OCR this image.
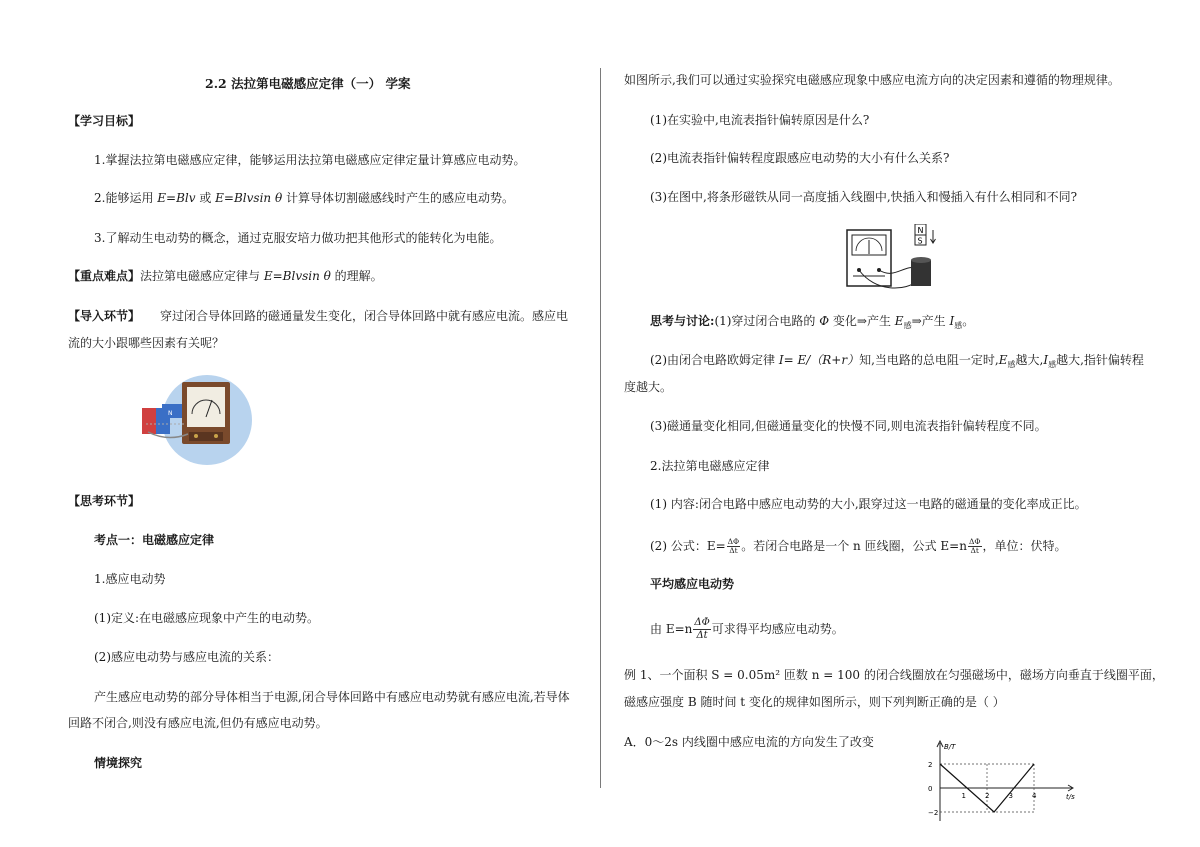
2.2 法拉第电磁感应定律（一） 学案
【学习目标】
1.掌握法拉第电磁感应定律，能够运用法拉第电磁感应定律定量计算感应电动势。
2.能够运用 E=Blv 或 E=Blvsin θ 计算导体切割磁感线时产生的感应电动势。
3.了解动生电动势的概念，通过克服安培力做功把其他形式的能转化为电能。
【重点难点】法拉第电磁感应定律与 E=Blvsin θ 的理解。
【导入环节】 穿过闭合导体回路的磁通量发生变化，闭合导体回路中就有感应电流。感应电
流的大小跟哪些因素有关呢？
N
【思考环节】
考点一：电磁感应定律
1.感应电动势
(1)定义:在电磁感应现象中产生的电动势。
(2)感应电动势与感应电流的关系：
产生感应电动势的部分导体相当于电源,闭合导体回路中有感应电动势就有感应电流,若导体
回路不闭合,则没有感应电流,但仍有感应电动势。
情境探究
如图所示,我们可以通过实验探究电磁感应现象中感应电流方向的决定因素和遵循的物理规律。
(1)在实验中,电流表指针偏转原因是什么?
(2)电流表指针偏转程度跟感应电动势的大小有什么关系?
(3)在图中,将条形磁铁从同一高度插入线圈中,快插入和慢插入有什么相同和不同?
N
S
思考与讨论:(1)穿过闭合电路的 Φ 变化⇒产生 $E_感\Rightarrow$产生 $I_感$。
(2)由闭合电路欧姆定律 I= E/（R+r）知,当电路的总电阻一定时$,E_感$越大$,I_感$越大,指针偏转程
度越大。
(3)磁通量变化相同,但磁通量变化的快慢不同,则电流表指针偏转程度不同。
2.法拉第电磁感应定律
(1) 内容:闭合电路中感应电动势的大小,跟穿过这一电路的磁通量的变化率成正比。
(2) 公式：$E= \frac{\Delta\Phi}{\Delta t}$ 。若闭合电路是一个 n 匝线圈，公式 $E=n \frac{\Delta\Phi}{\Delta t}$ ，单位：伏特。
平均感应电动势
由 $E=n \frac{\Delta\Phi}{\Delta t}$ 可求得平均感应电动势。
例 1、一个面积 S = 0.05m² 匝数 n = 100 的闭合线圈放在匀强磁场中，磁场方向垂直于线圈平面，
磁感应强度 B 随时间 t 变化的规律如图所示，则下列判断正确的是（ ）
A．0～2s 内线圈中感应电流的方向发生了改变	B/T
t/s
2
0
−2
1	2	3	4
